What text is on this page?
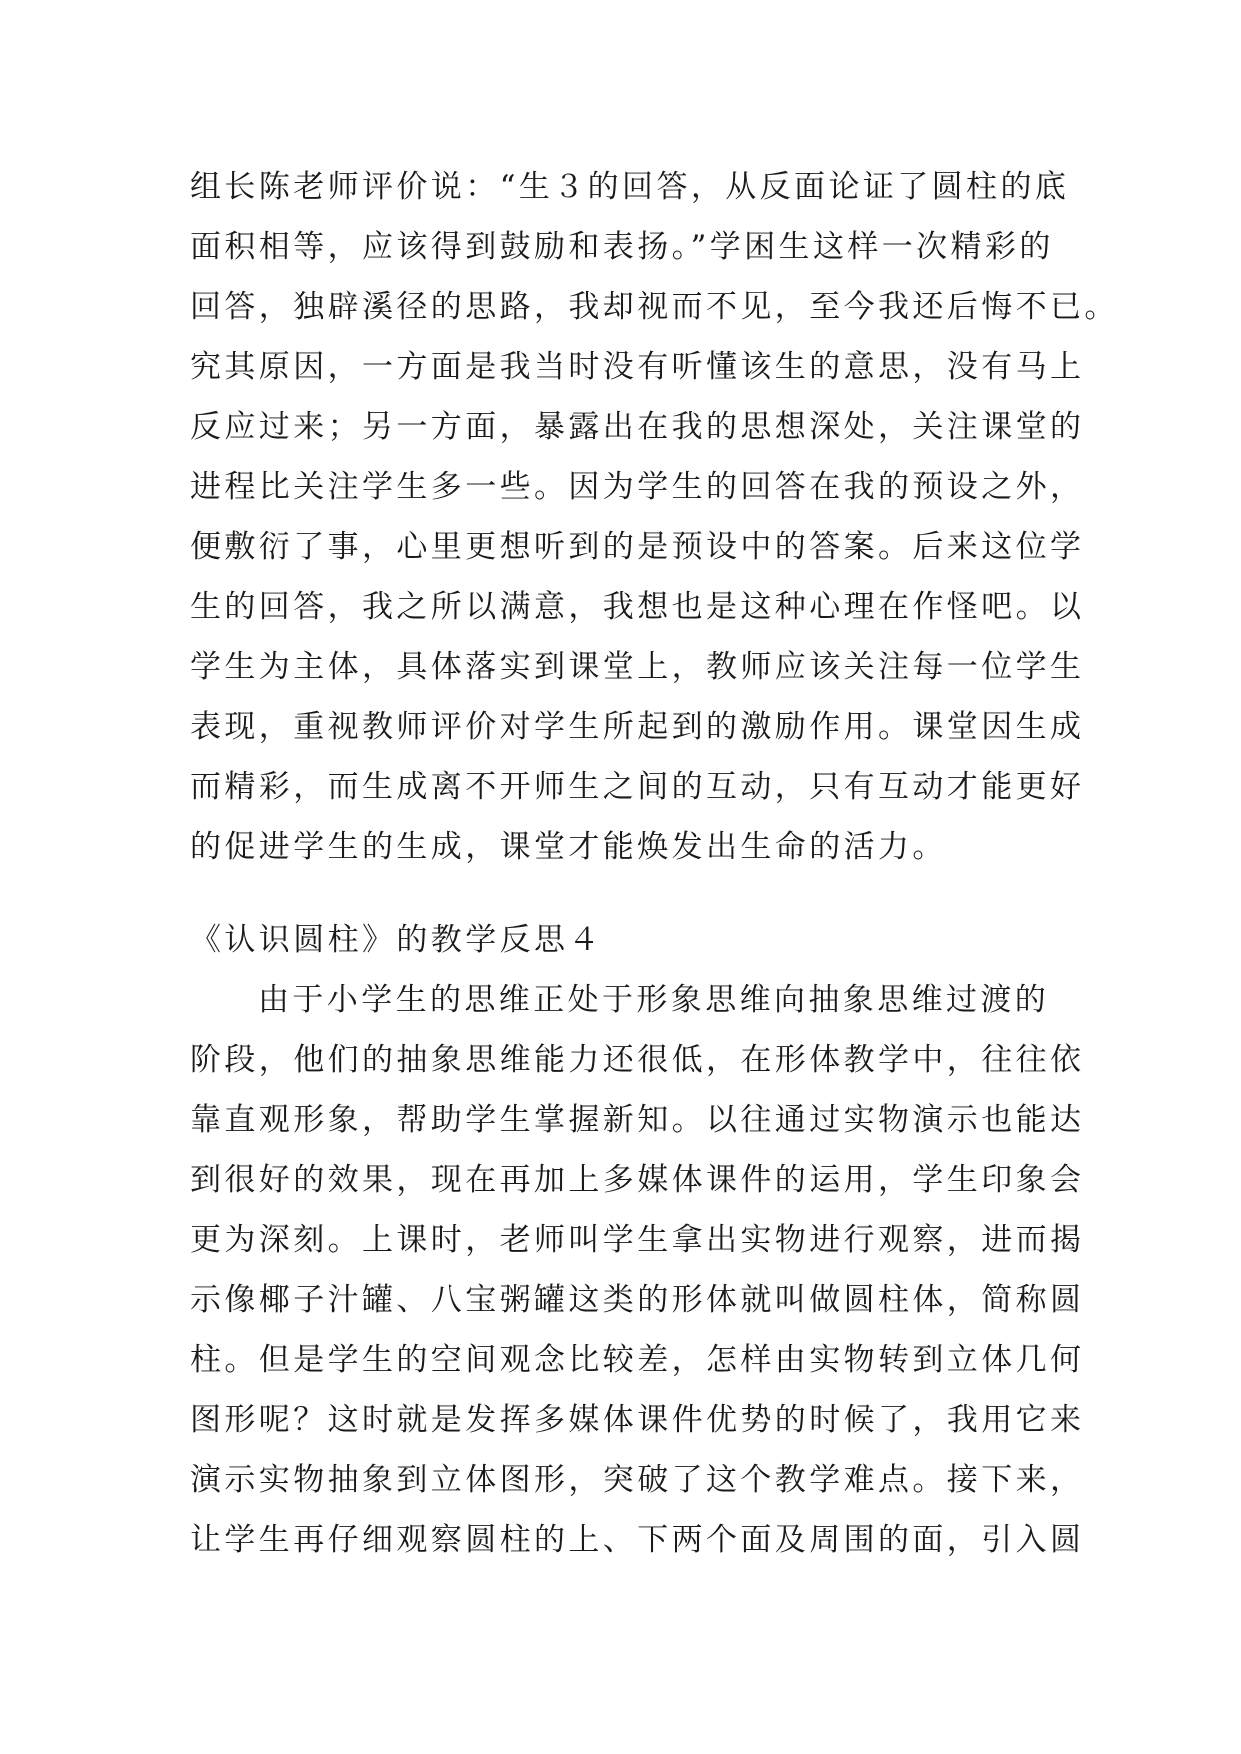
组长陈老师评价说：“生３的回答，从反面论证了圆柱的底
面积相等，应该得到鼓励和表扬。”学困生这样一次精彩的
回答，独辟溪径的思路，我却视而不见，至今我还后悔不已。
究其原因，一方面是我当时没有听懂该生的意思，没有马上
反应过来；另一方面，暴露出在我的思想深处，关注课堂的
进程比关注学生多一些。因为学生的回答在我的预设之外，
便敷衍了事，心里更想听到的是预设中的答案。后来这位学
生的回答，我之所以满意，我想也是这种心理在作怪吧。以
学生为主体，具体落实到课堂上，教师应该关注每一位学生
表现，重视教师评价对学生所起到的激励作用。课堂因生成
而精彩，而生成离不开师生之间的互动，只有互动才能更好
的促进学生的生成，课堂才能焕发出生命的活力。
《认识圆柱》的教学反思４
由于小学生的思维正处于形象思维向抽象思维过渡的
阶段，他们的抽象思维能力还很低，在形体教学中，往往依
靠直观形象，帮助学生掌握新知。以往通过实物演示也能达
到很好的效果，现在再加上多媒体课件的运用，学生印象会
更为深刻。上课时，老师叫学生拿出实物进行观察，进而揭
示像椰子汁罐、八宝粥罐这类的形体就叫做圆柱体，简称圆
柱。但是学生的空间观念比较差，怎样由实物转到立体几何
图形呢？这时就是发挥多媒体课件优势的时候了，我用它来
演示实物抽象到立体图形，突破了这个教学难点。接下来，
让学生再仔细观察圆柱的上、下两个面及周围的面，引入圆
